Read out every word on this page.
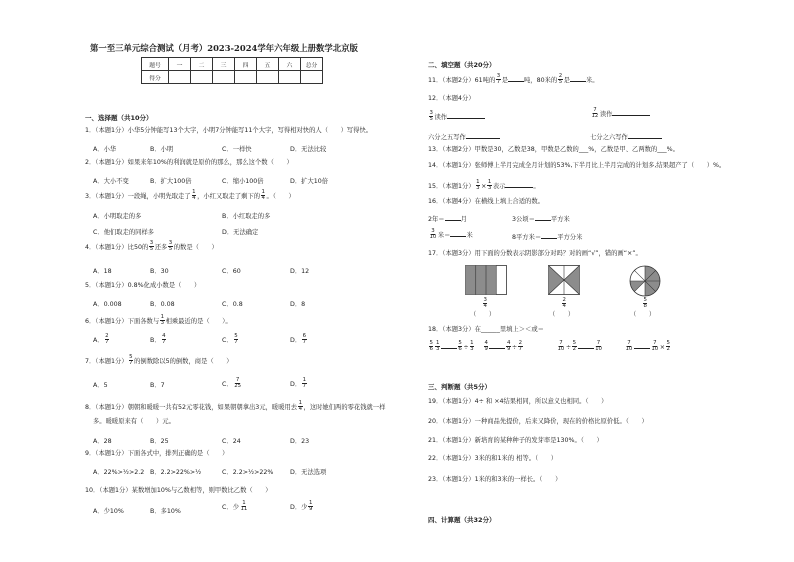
第一至三单元综合测试（月考）2023-2024学年六年级上册数学北京版
题号	一	二	三	四	五	六	总分
得分							
一、选择题（共10分）
1．（本题1分）小华5分钟能写13个大字，小明7分钟能写11个大字，写得相对快的人（　　）写得快。
A．小华	B．小明	C．一样快	D．无法比较
2．（本题1分）如果来年10%的利润就是原价的那么，那么这个数（　　）
A．大小不变	B．扩大100倍	C．缩小100倍	D．扩大10倍
3．（本题1分）一段绳，小明先取走了 $\frac{1}{4}$ ，小红又取走了剩下的 $\frac{1}{4}$ 。（　　）
A．小明取走的多	B．小红取走的多
C．他们取走的同样多	D．无法确定
4．（本题1分）比50的 $\frac{3}{5}$ 还多 $\frac{3}{5}$ 的数是（　　）
A．18	B．30	C．60	D．12
5．（本题1分）0.8%化成小数是（　　）
A．0.008	B．0.08	C．0.8	D．8
6．（本题1分）下面各数与 $\frac{1}{3}$ 相乘最近的是（　　）。
A． $\frac{2}{7}$	B． $\frac{4}{7}$	C． $\frac{5}{7}$	D． $\frac{6}{7}$
7．（本题1分） $\frac{5}{7}$ 的倒数除以5的倒数，商是（　　）
A．5	B．7	C． $\frac{7}{25}$	D． $\frac{1}{7}$
8．（本题1分）朝朝和暖暖一共有52元零花钱，如果朝朝拿出3元，暖暖用去 $\frac{1}{4}$ ，这时她们两的零花钱就一样
多。暖暖原来有（　　）元。
A．28	B．25	C．24	D．23
9．（本题1分）下面各式中，排列正确的是（　　）
A．22%>½>2.2 B．2.2>22%>½	C．2.2>½>22%	D．无法选项
10．（本题1分）某数增加10%与乙数相等，则甲数比乙数（　　）
A．少10%	B．多10%
C．少 $\frac{1}{11}$	D．少 $\frac{1}{9}$
二、填空题（共20分）
11．（本题2分）61吨的 $\frac{3}{7}$ 是	吨，80米的 $\frac{2}{5}$ 是	米。
12．（本题4分）
$\frac{3}{5}$ 读作	$\frac{7}{12}$ 读作
六分之五写作	七分之六写作
13．（本题2分）甲数是30，乙数是38，甲数是乙数的___%，乙数是甲、乙两数的___%。
14．（本题1分）张师傅上半月完成全月计划的53%,下半月比上半月完成的计划多,结果超产了（　　）%。
15．（本题1分） $\frac{1}{3} \times \frac{1}{3}$ 表示	。
16．（本题4分）在横线上填上合适的数。
2年＝	月	3公顷＝	平方米
$\frac{3}{10}$ 米＝	米	8平方米＝	平方分米
17．（本题3分）用下面的分数表示阴影部分对吗？对的画“√”，错的画“×”。
$\frac{3}{4}$
（　　）
$\frac{2}{4}$
（　　）
$\frac{5}{8}$
（　　）
18．（本题3分）在______里填上＞＜或＝
$\frac{5}{6} \frac{1}{3}$	$\frac{5}{6} \div \frac{1}{3} \frac{4}{9}$	$\frac{4}{9} \div \frac{2}{7}$	$\frac{7}{10} \div \frac{5}{2}$	$\frac{7}{10}$	$\frac{7}{10}$	$\frac{7}{10} \times \frac{5}{2}$
三、判断题（共5分）
19．（本题1分）4÷ 和 ×4结果相同，所以意义也相同。（　　）
20．（本题1分）一种商品先提价，后来又降价，现在的价格比原价低。（　　）
21．（本题1分）新培育的某种种子的发芽率是130%。（　　）
22．（本题1分）3米的和1米的 相等。（　　）
23．（本题1分）1米的和3米的一样长。（　　）
四、计算题（共32分）
